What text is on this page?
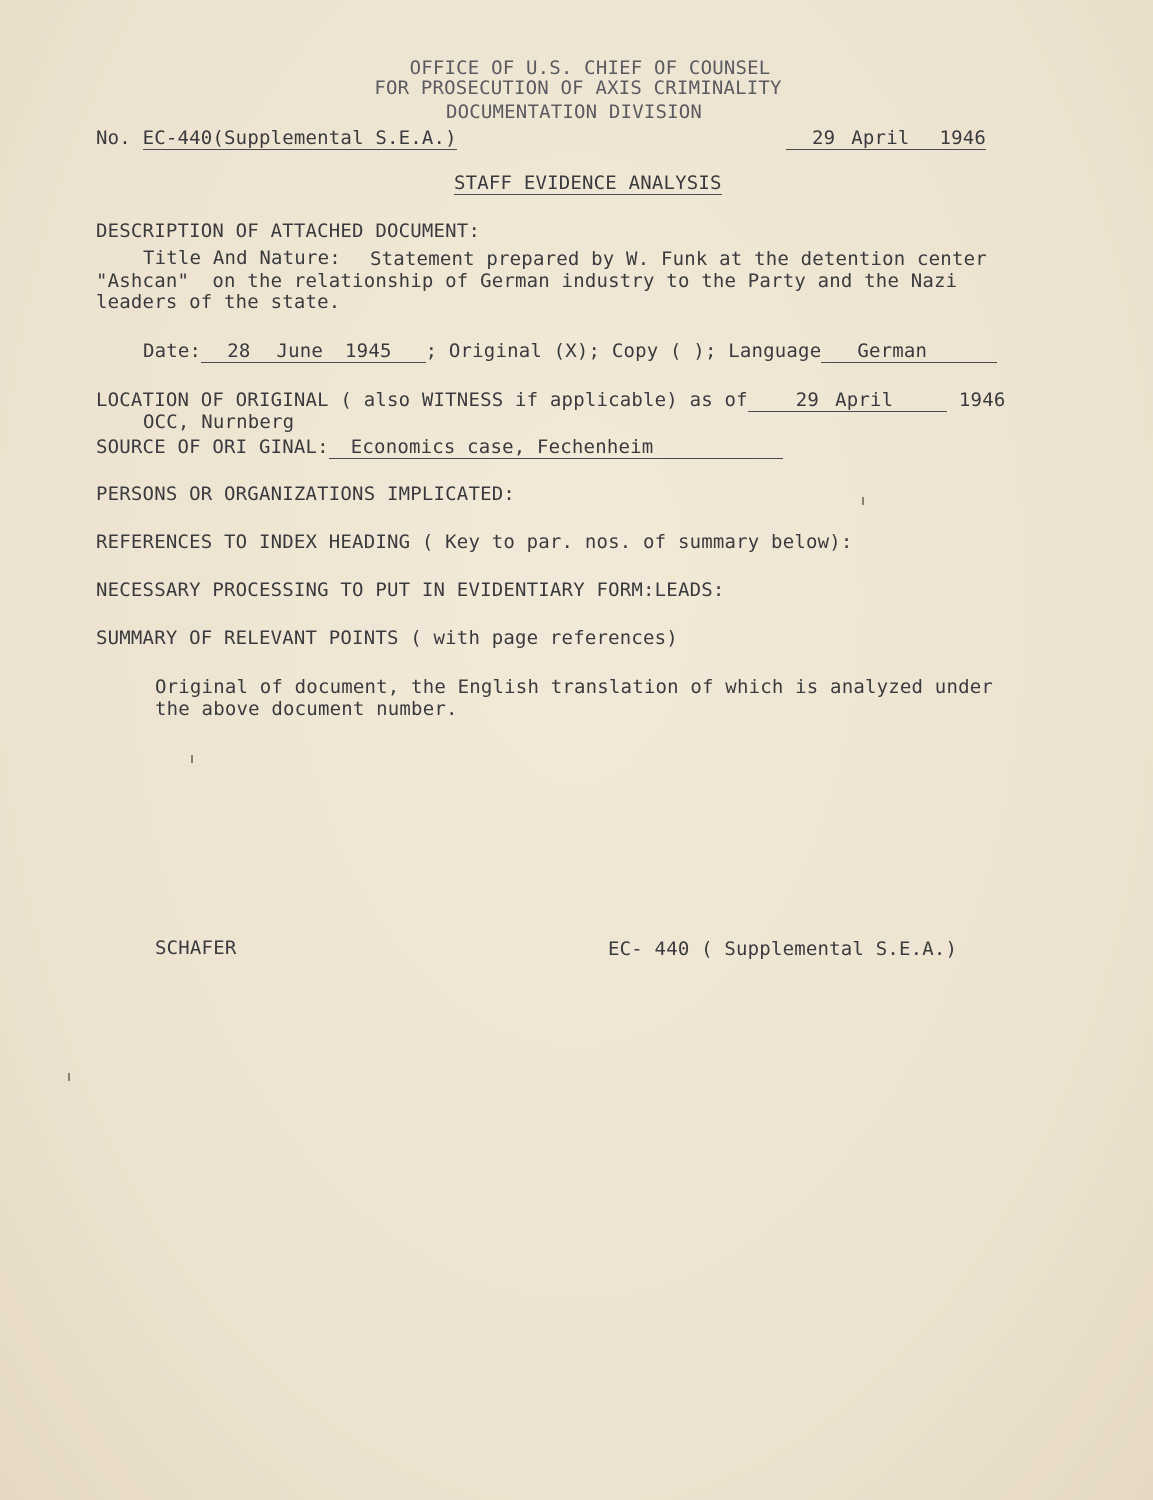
OFFICE OF U.S. CHIEF OF COUNSEL
FOR PROSECUTION OF AXIS CRIMINALITY
DOCUMENTATION DIVISION
No. EC-440(Supplemental S.E.A.)	29 April 1946
STAFF EVIDENCE ANALYSIS
DESCRIPTION OF ATTACHED DOCUMENT:
Title And Nature: Statement prepared by W. Funk at the detention center
"Ashcan"  on the relationship of German industry to the Party and the Nazi
leaders of the state.
Date: 28 June 1945 ; Original (X); Copy ( ); Language German
LOCATION OF ORIGINAL ( also WITNESS if applicable) as of	29 April	1946
OCC, Nurnberg
SOURCE OF ORI GINAL: Economics case, Fechenheim
PERSONS OR ORGANIZATIONS IMPLICATED:
REFERENCES TO INDEX HEADING ( Key to par. nos. of summary below):
NECESSARY PROCESSING TO PUT IN EVIDENTIARY FORM:LEADS:
SUMMARY OF RELEVANT POINTS ( with page references)
Original of document, the English translation of which is analyzed under
the above document number.
SCHAFER	EC- 440 ( Supplemental S.E.A.)
